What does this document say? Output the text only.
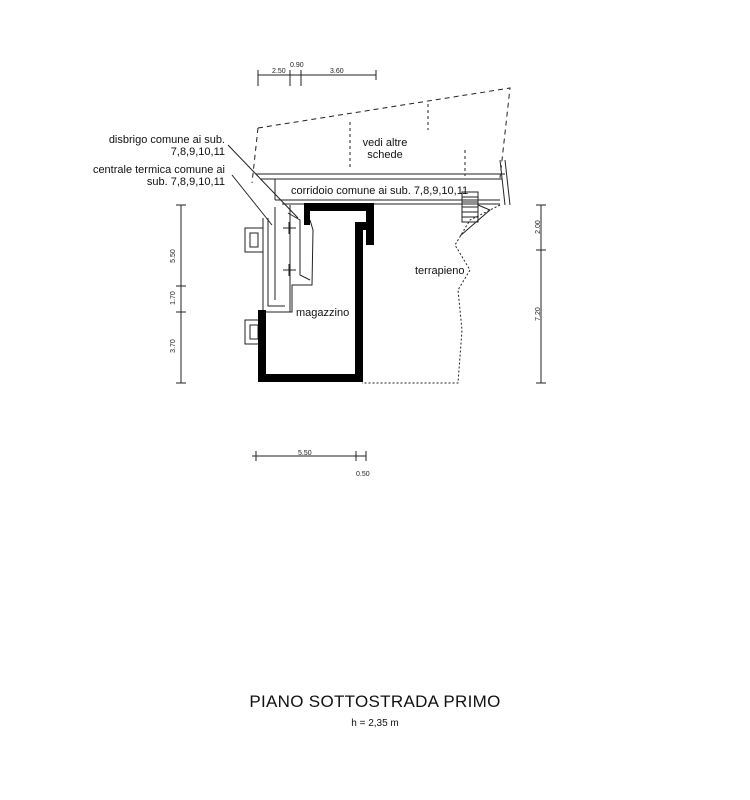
disbrigo comune ai sub.
7,8,9,10,11
centrale termica comune ai
sub. 7,8,9,10,11
vedi altre
schede
corridoio comune ai sub. 7,8,9,10,11
terrapieno
magazzino
2.50
0.90
3.60
5.50
1.70
3.70
2.00
7.20
5.50
0.50
PIANO SOTTOSTRADA PRIMO
h = 2,35 m
